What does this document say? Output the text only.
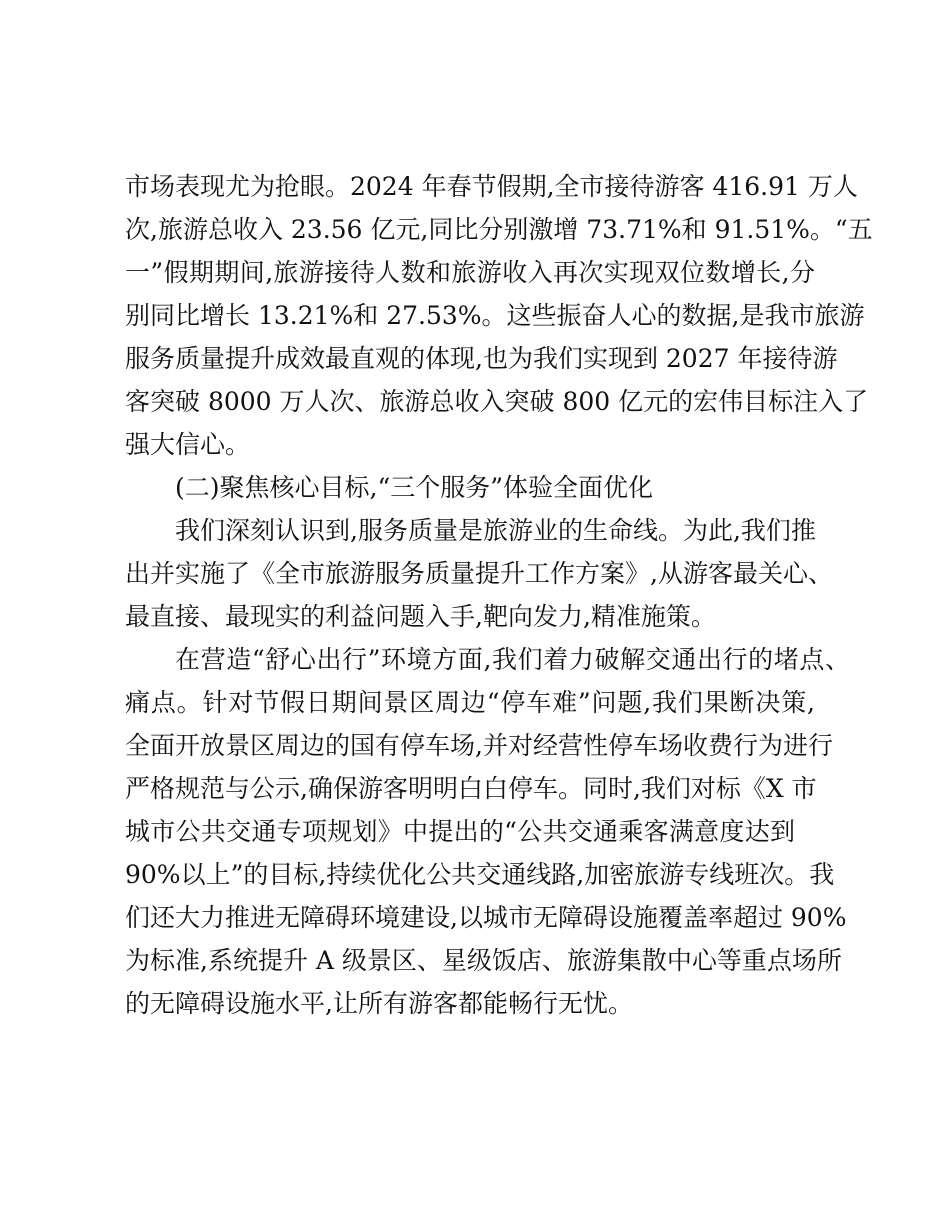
市场表现尤为抢眼。2024 年春节假期,全市接待游客 416.91 万人
次,旅游总收入 23.56 亿元,同比分别激增 73.71%和 91.51%。“五
一”假期期间,旅游接待人数和旅游收入再次实现双位数增长,分
别同比增长 13.21%和 27.53%。这些振奋人心的数据,是我市旅游
服务质量提升成效最直观的体现,也为我们实现到 2027 年接待游
客突破 8000 万人次、旅游总收入突破 800 亿元的宏伟目标注入了
强大信心。
(二)聚焦核心目标,“三个服务”体验全面优化
我们深刻认识到,服务质量是旅游业的生命线。为此,我们推
出并实施了《全市旅游服务质量提升工作方案》,从游客最关心、
最直接、最现实的利益问题入手,靶向发力,精准施策。
在营造“舒心出行”环境方面,我们着力破解交通出行的堵点、
痛点。针对节假日期间景区周边“停车难”问题,我们果断决策,
全面开放景区周边的国有停车场,并对经营性停车场收费行为进行
严格规范与公示,确保游客明明白白停车。同时,我们对标《X 市
城市公共交通专项规划》中提出的“公共交通乘客满意度达到
90%以上”的目标,持续优化公共交通线路,加密旅游专线班次。我
们还大力推进无障碍环境建设,以城市无障碍设施覆盖率超过 90%
为标准,系统提升 A 级景区、星级饭店、旅游集散中心等重点场所
的无障碍设施水平,让所有游客都能畅行无忧。
